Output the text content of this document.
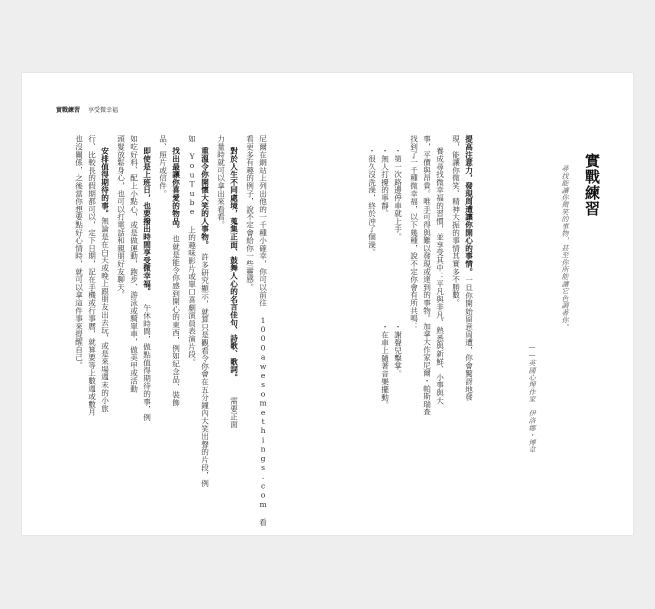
實戰練習 享受微幸福
實戰練習
尋找能讓你微笑的事物，甚至你所能讓它色調著你。
——英國心理作家　伊洛娜・博韋
提高注意力，發現周遭讓你開心的事情。
一旦你開始留意周遭，你會驚訝地發
現，能讓你微笑、精神大振的事情其實多不勝數。
養成尋找微幸福的習慣，並享受其中：平凡與非凡、熟悉與新鮮、小事與大
事，平價與昂貴。唯手可得與難以發現或達到的事物。加拿大作家尼爾・帕斯瑞查
找到了一千種微幸福，以下幾種，說不定你會有所共鳴：
・第一次路邊停車就上手。
・謝聲兒擊掌。
・無人打擾的寧靜。
・在車上隨著音樂擺動。
・很久沒洗澡，終於沖了個澡。
尼爾在網站上列出他的一千種小確幸，你可以前往 1000awesomethings.com 看
看更多有趣的例子，說不定會給你一些靈感。
對於人生不同處境，蒐集正面、鼓舞人心的名言佳句、詩歌、歌詞。
需要正面
力量時就可以拿出來看看。
重溫令你開懷大笑的人事物。
許多研究顯示，就算只是觀看令你會在五分鐘內大笑出聲的片段，例
如 YouTube 上的趣味影片或單口喜劇演員表演片段。
找出最讓你喜愛的物品。
也就是能令你感到開心的東西，例如紀念品、裝飾
品、照片或信件。
即使是上班日，也要撥出時間享受微幸福。
午休時間，做點值得期待的事，例
如吃好料、配上小點心，或是做運動，跑步、游泳或騎單車，做美甲或活動
頭髮放鬆身心，也可以打電話和親朋好友聊天。
安排值得期待的事。
無論是在白天或晚上跟朋友出去玩，或是來場週末的小旅
行、比較長的假期都可以，定下日期，記在手機或行事曆，就算要等上數週或數月
也沒關係，之後當你想要點好心情時，就可以拿這件事來提醒自己。
